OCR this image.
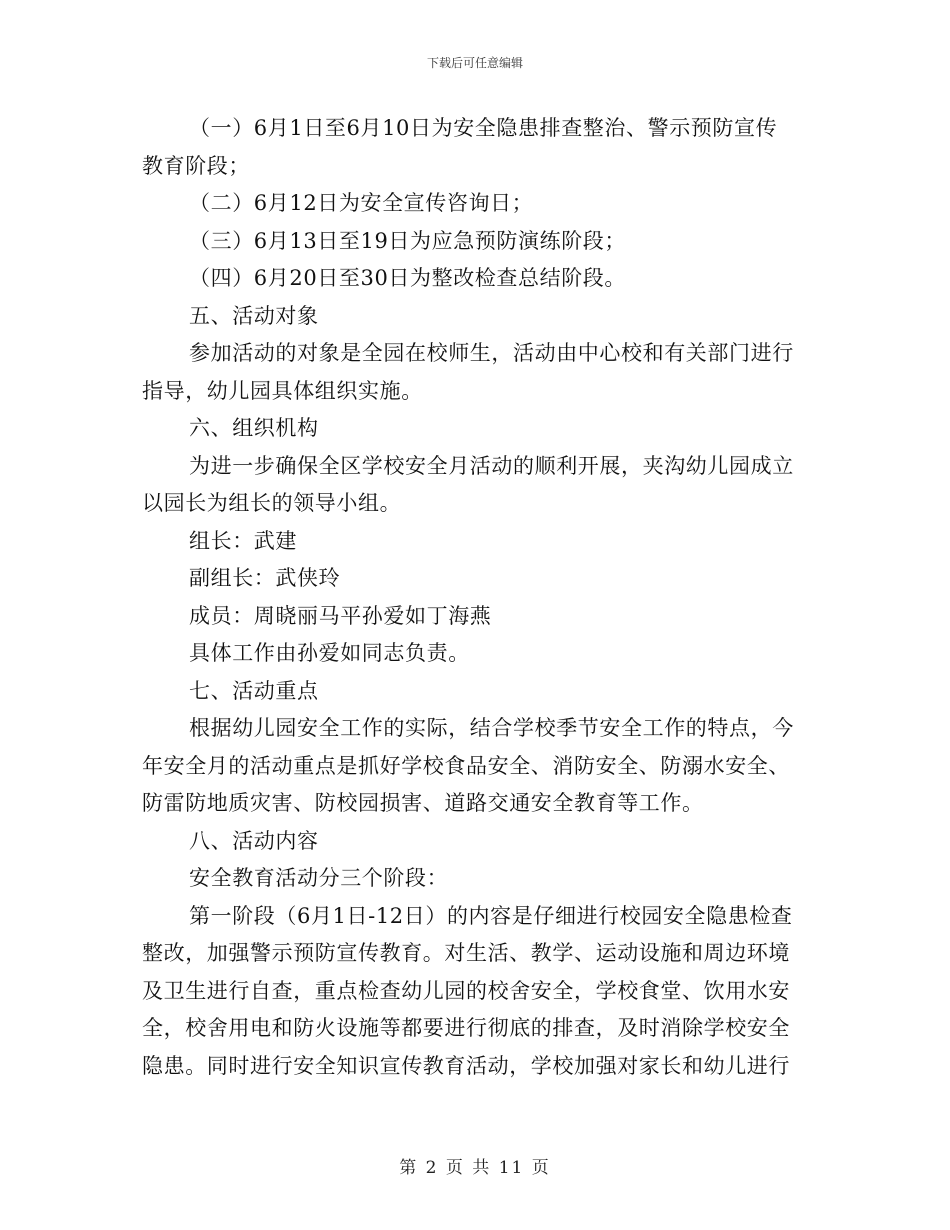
下载后可任意编辑
（一）6月1日至6月10日为安全隐患排查整治、警示预防宣传
教育阶段；
（二）6月12日为安全宣传咨询日；
（三）6月13日至19日为应急预防演练阶段；
（四）6月20日至30日为整改检查总结阶段。
五、活动对象
参加活动的对象是全园在校师生，活动由中心校和有关部门进行
指导，幼儿园具体组织实施。
六、组织机构
为进一步确保全区学校安全月活动的顺利开展，夹沟幼儿园成立
以园长为组长的领导小组。
组长：武建
副组长：武侠玲
成员：周晓丽马平孙爱如丁海燕
具体工作由孙爱如同志负责。
七、活动重点
根据幼儿园安全工作的实际，结合学校季节安全工作的特点，今
年安全月的活动重点是抓好学校食品安全、消防安全、防溺水安全、
防雷防地质灾害、防校园损害、道路交通安全教育等工作。
八、活动内容
安全教育活动分三个阶段：
第一阶段（6月1日-12日）的内容是仔细进行校园安全隐患检查
整改，加强警示预防宣传教育。对生活、教学、运动设施和周边环境
及卫生进行自查，重点检查幼儿园的校舍安全，学校食堂、饮用水安
全，校舍用电和防火设施等都要进行彻底的排查，及时消除学校安全
隐患。同时进行安全知识宣传教育活动，学校加强对家长和幼儿进行
第 2 页 共 11 页
